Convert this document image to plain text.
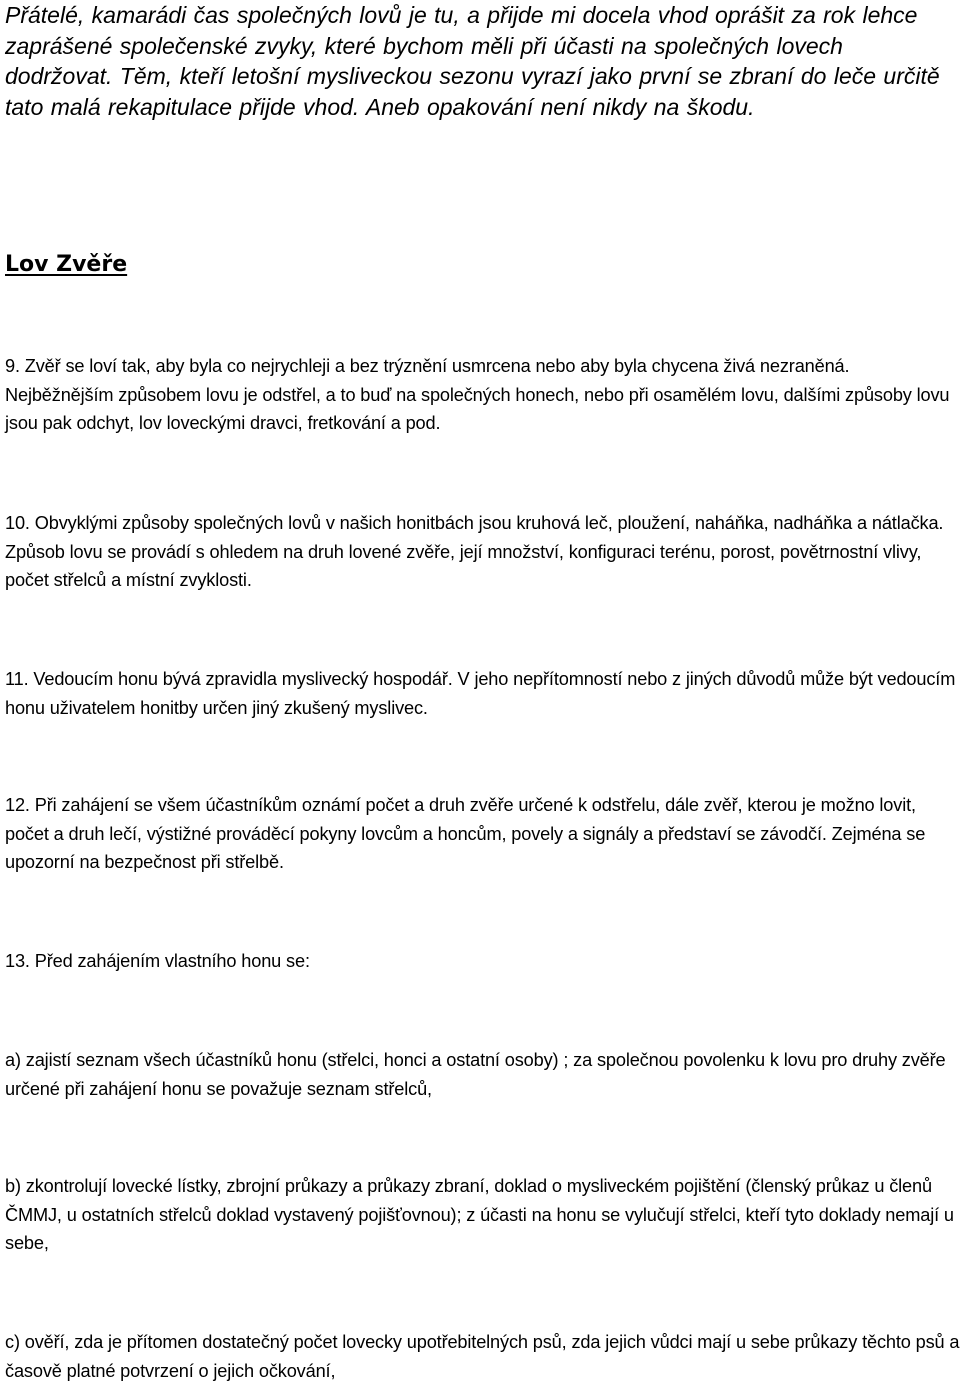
Přátelé, kamarádi čas společných lovů je tu, a přijde mi docela vhod oprášit za rok lehce zaprášené společenské zvyky, které bychom měli při účasti na společných lovech dodržovat. Těm, kteří letošní mysliveckou sezonu vyrazí jako první se zbraní do leče určitě tato malá rekapitulace přijde vhod. Aneb opakování není nikdy na škodu.

Lov Zvěře

9. Zvěř se loví tak, aby byla co nejrychleji a bez trýznění usmrcena nebo aby byla chycena živá nezraněná. Nejběžnějším způsobem lovu je odstřel, a to buď na společných honech, nebo při osamělém lovu, dalšími způsoby lovu jsou pak odchyt, lov loveckými dravci, fretkování a pod.

10. Obvyklými způsoby společných lovů v našich honitbách jsou kruhová leč, ploužení, naháňka, nadháňka a nátlačka. Způsob lovu se provádí s ohledem na druh lovené zvěře, její množství, konfiguraci terénu, porost, povětrnostní vlivy, počet střelců a místní zvyklosti.

11. Vedoucím honu bývá zpravidla myslivecký hospodář. V jeho nepřítomností nebo z jiných důvodů může být vedoucím honu uživatelem honitby určen jiný zkušený myslivec.

12. Při zahájení se všem účastníkům oznámí počet a druh zvěře určené k odstřelu, dále zvěř, kterou je možno lovit, počet a druh lečí, výstižné prováděcí pokyny lovcům a honcům, povely a signály a představí se závodčí. Zejména se upozorní na bezpečnost při střelbě.

13. Před zahájením vlastního honu se:

a) zajistí seznam všech účastníků honu (střelci, honci a ostatní osoby) ; za společnou povolenku k lovu pro druhy zvěře určené při zahájení honu se považuje seznam střelců,

b) zkontrolují lovecké lístky, zbrojní průkazy a průkazy zbraní, doklad o mysliveckém pojištění (členský průkaz u členů ČMMJ, u ostatních střelců doklad vystavený pojišťovnou); z účasti na honu se vylučují střelci, kteří tyto doklady nemají u sebe,

c) ověří, zda je přítomen dostatečný počet lovecky upotřebitelných psů, zda jejich vůdci mají u sebe průkazy těchto psů a časově platné potvrzení o jejich očkování,
